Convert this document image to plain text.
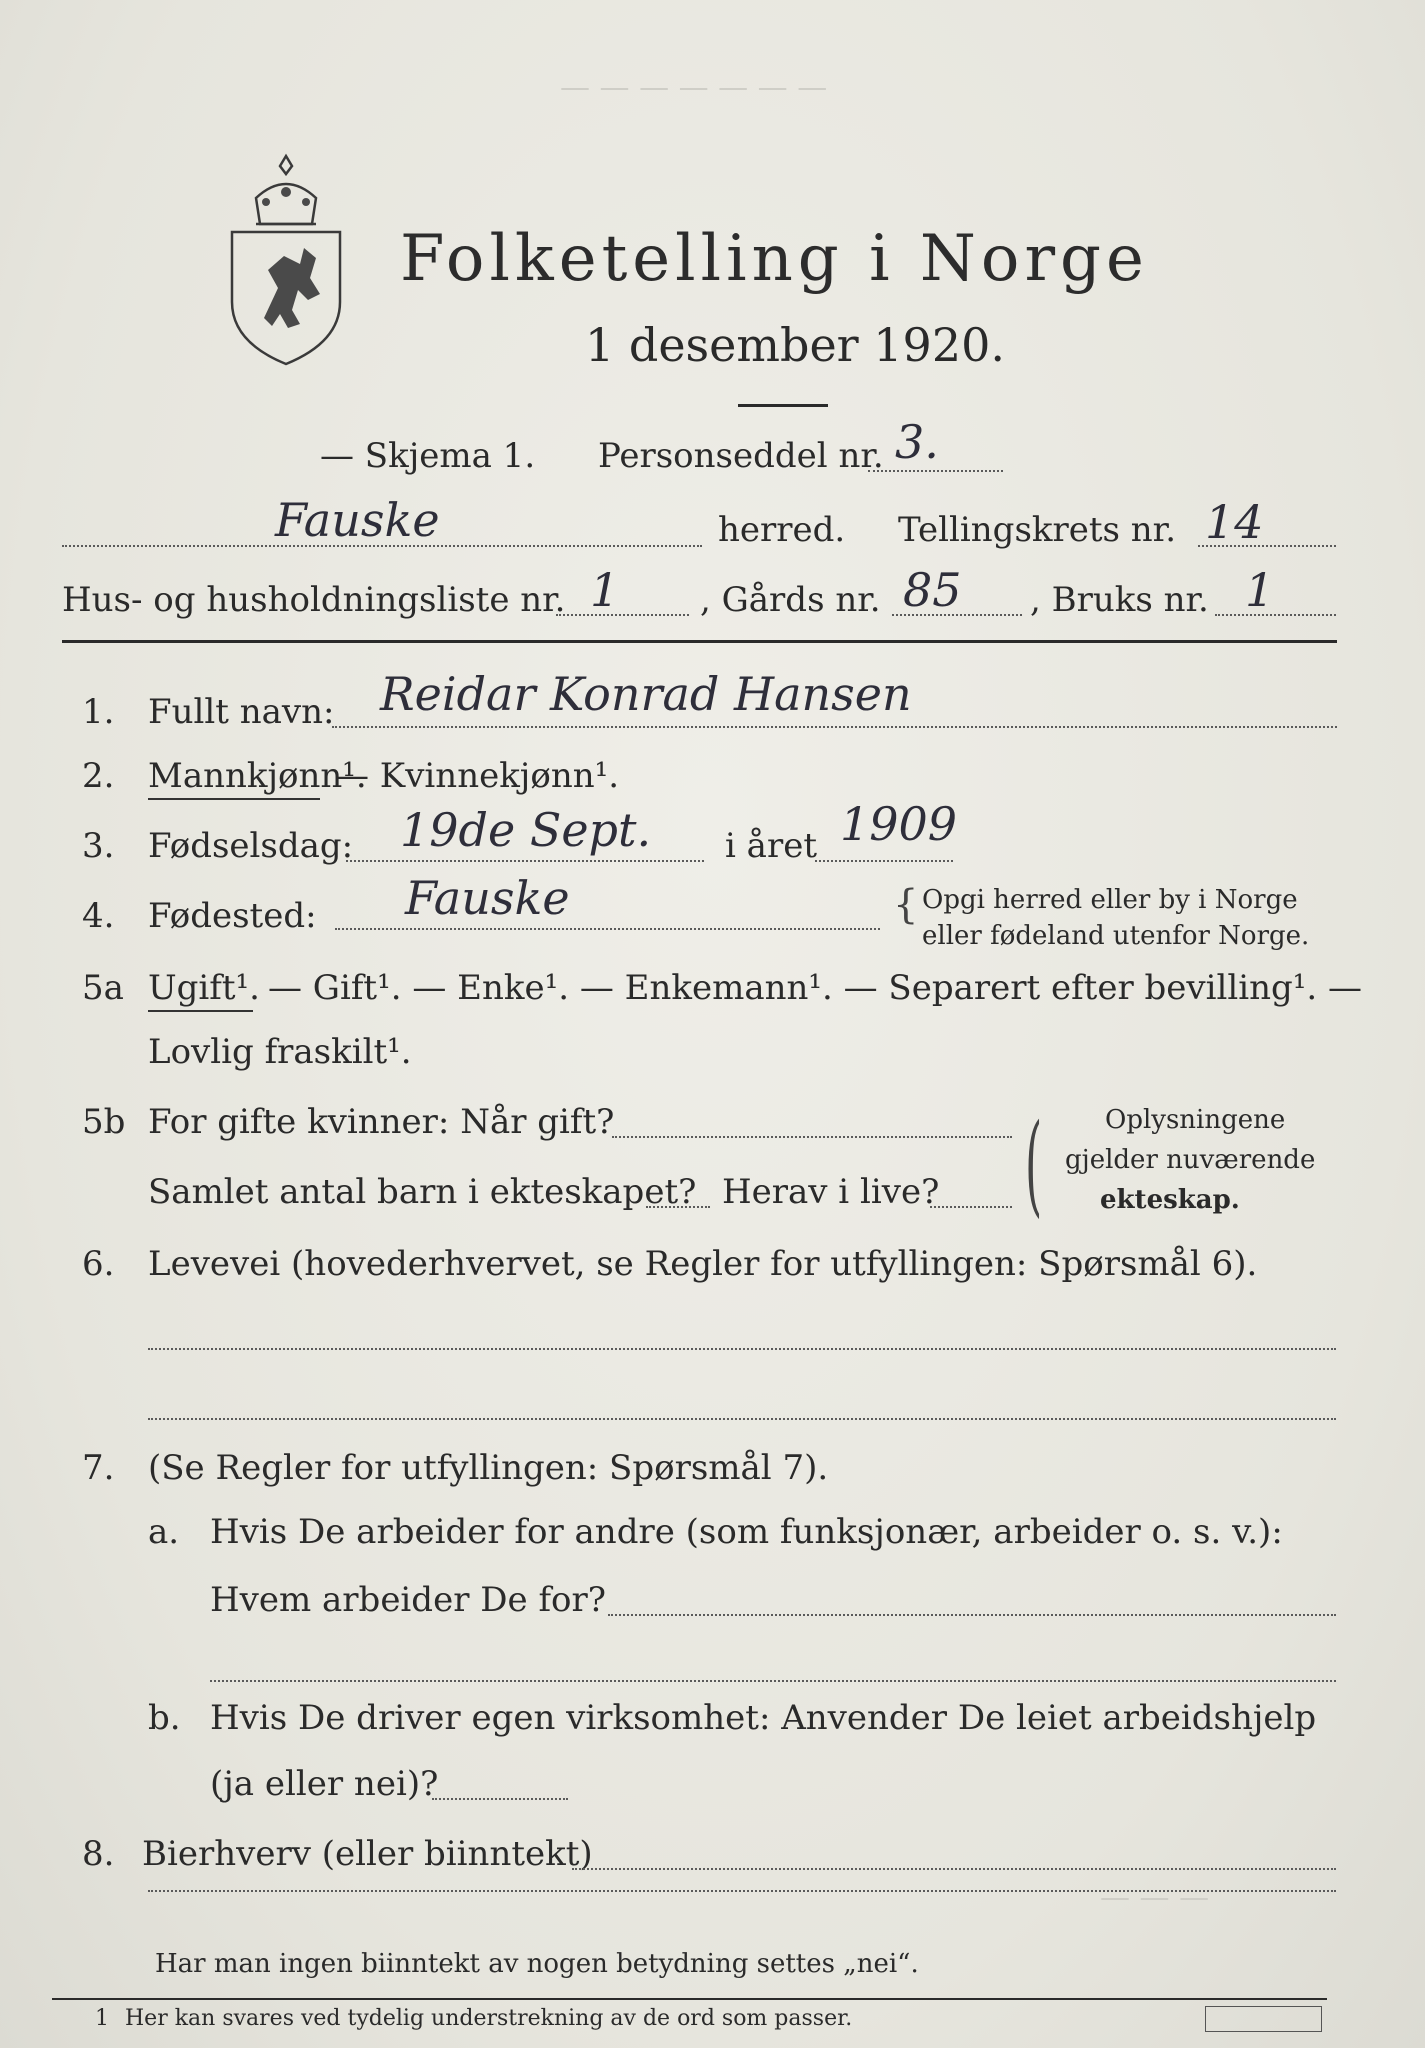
— — — — — — —
— — —
Folketelling i Norge
1 desember 1920.
— Skjema 1. Personseddel nr. 3.
Fauske	herred. Tellingskrets nr. 14
Hus- og husholdningsliste nr. 1 , Gårds nr. 85 , Bruks nr. 1
1. Fullt navn: Reidar Konrad Hansen
2. Mannkjønn¹.
— Kvinnekjønn¹.
3. Fødselsdag: 19de Sept. i året 1909
4. Fødested: Fauske	{ Opgi herred eller by i Norge
eller fødeland utenfor Norge.
5a Ugift¹. — Gift¹. — Enke¹. — Enkemann¹. — Separert efter bevilling¹. —
Lovlig fraskilt¹.
5b For gifte kvinner: Når gift?
Samlet antal barn i ekteskapet? Herav i live? ( Oplysningene
gjelder nuværende
ekteskap.
6. Levevei (hovederhvervet, se Regler for utfyllingen: Spørsmål 6).
7. (Se Regler for utfyllingen: Spørsmål 7).
a. Hvis De arbeider for andre (som funksjonær, arbeider o. s. v.):
Hvem arbeider De for?
b. Hvis De driver egen virksomhet: Anvender De leiet arbeidshjelp
(ja eller nei)?
8. Bierhverv (eller biinntekt)
Har man ingen biinntekt av nogen betydning settes „nei“.
1 Her kan svares ved tydelig understrekning av de ord som passer.
